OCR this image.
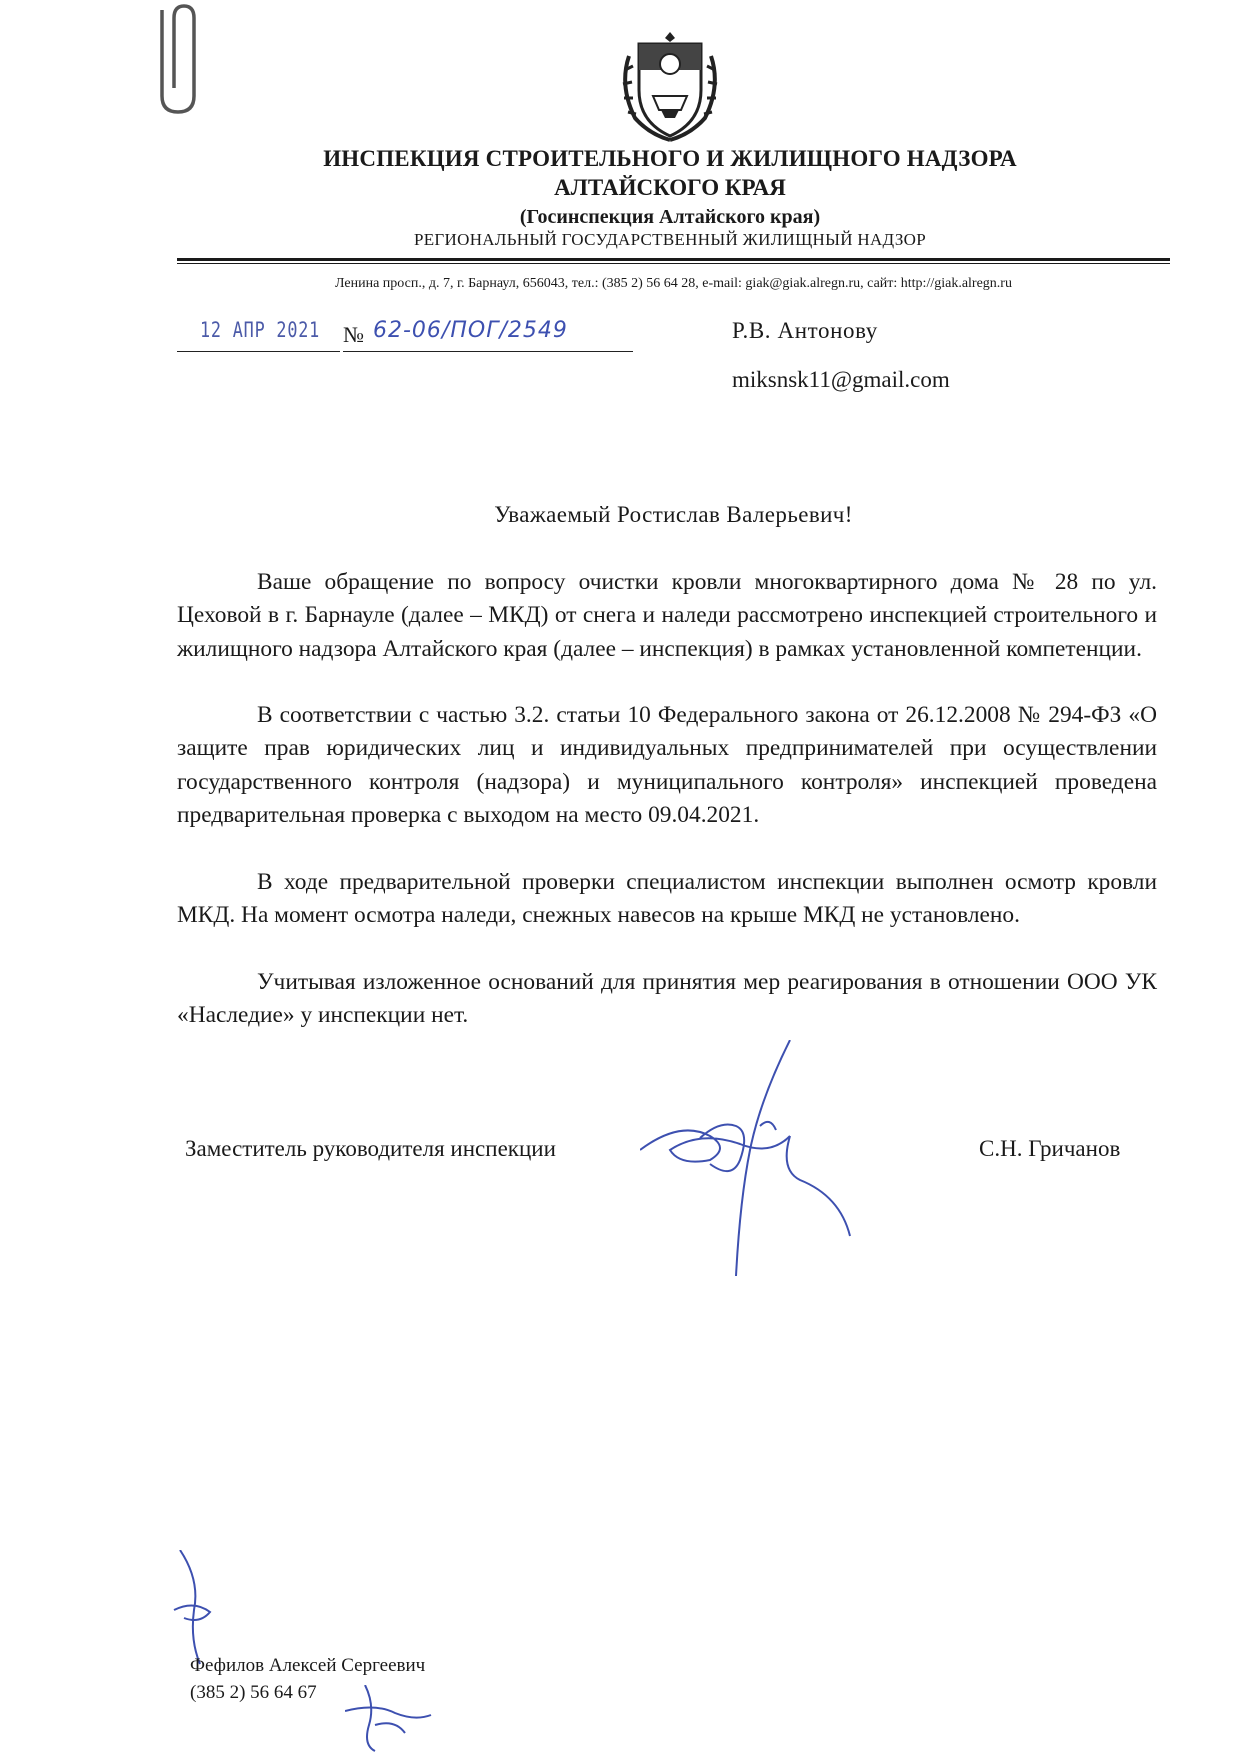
ИНСПЕКЦИЯ СТРОИТЕЛЬНОГО И ЖИЛИЩНОГО НАДЗОРА
АЛТАЙСКОГО КРАЯ
(Госинспекция Алтайского края)
РЕГИОНАЛЬНЫЙ ГОСУДАРСТВЕННЫЙ ЖИЛИЩНЫЙ НАДЗОР
Ленина просп., д. 7, г. Барнаул, 656043, тел.: (385 2) 56 64 28, e-mail: giak@giak.alregn.ru, сайт: http://giak.alregn.ru
12 АПР 2021 № 62-06/ПОГ/2549	Р.В. Антонову
miksnsk11@gmail.com
Уважаемый Ростислав Валерьевич!

Ваше обращение по вопросу очистки кровли многоквартирного дома № 28 по ул. Цеховой в г. Барнауле (далее – МКД) от снега и наледи рассмотрено инспекцией строительного и жилищного надзора Алтайского края (далее – инспекция) в рамках установленной компетенции.

В соответствии с частью 3.2. статьи 10 Федерального закона от 26.12.2008 № 294-ФЗ «О защите прав юридических лиц и индивидуальных предпринимателей при осуществлении государственного контроля (надзора) и муниципального контроля» инспекцией проведена предварительная проверка с выходом на место 09.04.2021.

В ходе предварительной проверки специалистом инспекции выполнен осмотр кровли МКД. На момент осмотра наледи, снежных навесов на крыше МКД не установлено.

Учитывая изложенное оснований для принятия мер реагирования в отношении ООО УК «Наследие» у инспекции нет.

Заместитель руководителя инспекции	С.Н. Гричанов
Фефилов Алексей Сергеевич
(385 2) 56 64 67
